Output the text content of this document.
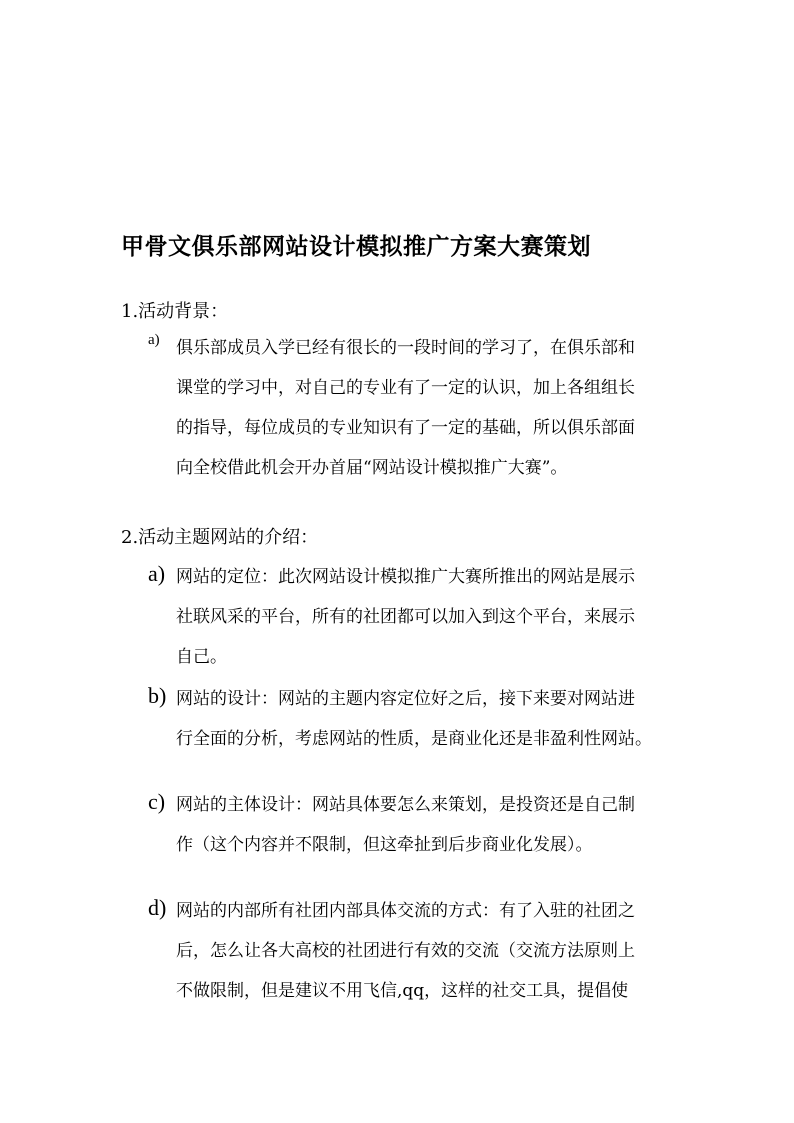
甲骨文俱乐部网站设计模拟推广方案大赛策划
1.活动背景：
a) 俱乐部成员入学已经有很长的一段时间的学习了，在俱乐部和
课堂的学习中，对自己的专业有了一定的认识，加上各组组长
的指导，每位成员的专业知识有了一定的基础，所以俱乐部面
向全校借此机会开办首届“网站设计模拟推广大赛”。
2.活动主题网站的介绍：
a) 网站的定位：此次网站设计模拟推广大赛所推出的网站是展示
社联风采的平台，所有的社团都可以加入到这个平台，来展示
自己。
b) 网站的设计：网站的主题内容定位好之后，接下来要对网站进
行全面的分析，考虑网站的性质，是商业化还是非盈利性网站。
c) 网站的主体设计：网站具体要怎么来策划，是投资还是自己制
作（这个内容并不限制，但这牵扯到后步商业化发展）。
d) 网站的内部所有社团内部具体交流的方式：有了入驻的社团之
后，怎么让各大高校的社团进行有效的交流（交流方法原则上
不做限制，但是建议不用飞信,qq，这样的社交工具，提倡使
